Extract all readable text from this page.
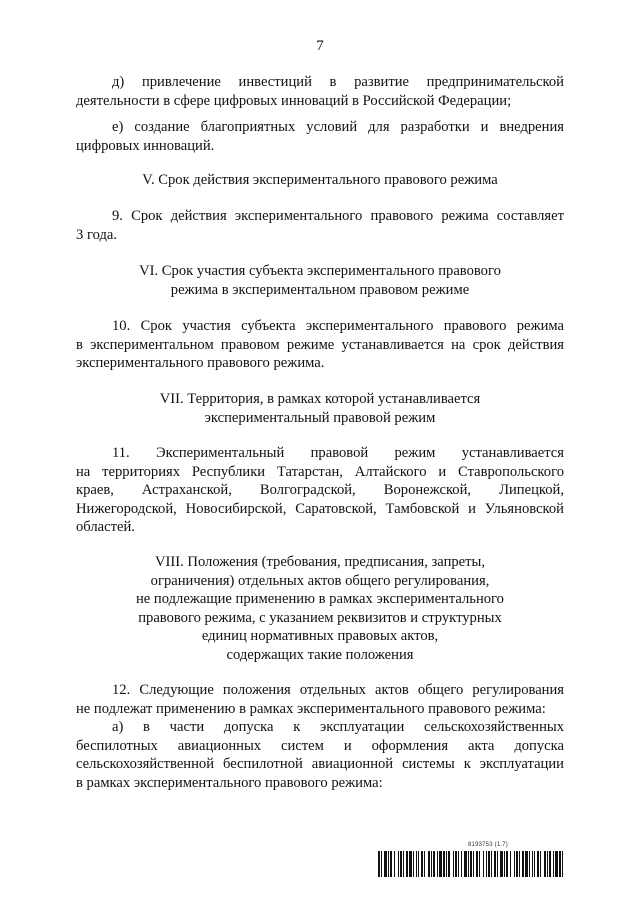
7
д) привлечение инвестиций в развитие предпринимательской
деятельности в сфере цифровых инноваций в Российской Федерации;
е) создание благоприятных условий для разработки и внедрения
цифровых инноваций.
V. Срок действия экспериментального правового режима
9. Срок действия экспериментального правового режима составляет
3 года.
VI. Срок участия субъекта экспериментального правового
режима в экспериментальном правовом режиме
10. Срок участия субъекта экспериментального правового режима
в экспериментальном правовом режиме устанавливается на срок действия
экспериментального правового режима.
VII. Территория, в рамках которой устанавливается
экспериментальный правовой режим
11. Экспериментальный правовой режим устанавливается
на территориях Республики Татарстан, Алтайского и Ставропольского
краев, Астраханской, Волгоградской, Воронежской, Липецкой,
Нижегородской, Новосибирской, Саратовской, Тамбовской и Ульяновской
областей.
VIII. Положения (требования, предписания, запреты,
ограничения) отдельных актов общего регулирования,
не подлежащие применению в рамках экспериментального
правового режима, с указанием реквизитов и структурных
единиц нормативных правовых актов,
содержащих такие положения
12. Следующие положения отдельных актов общего регулирования
не подлежат применению в рамках экспериментального правового режима:
а) в части допуска к эксплуатации сельскохозяйственных
беспилотных авиационных систем и оформления акта допуска
сельскохозяйственной беспилотной авиационной системы к эксплуатации
в рамках экспериментального правового режима:
8193753 (1.7)
